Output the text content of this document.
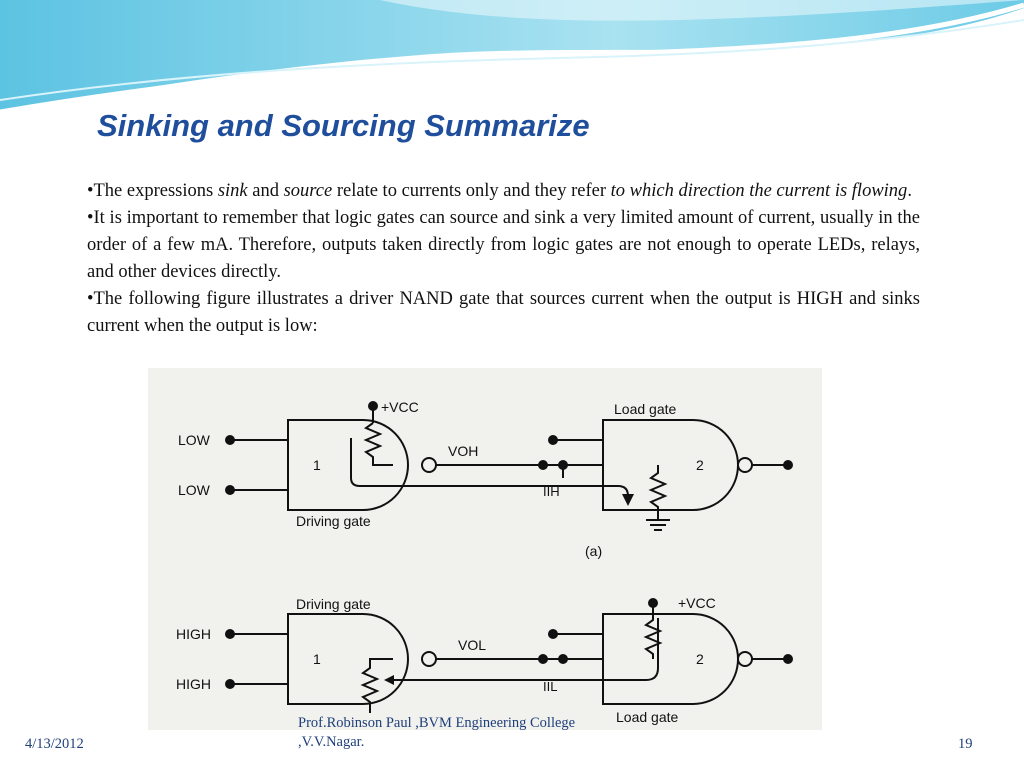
Sinking and Sourcing Summarize

•The expressions sink and source relate to currents only and they refer to which direction the current is flowing.

•It is important to remember that logic gates can source and sink a very limited amount of current, usually in the order of a few mA. Therefore, outputs taken directly from logic gates are not enough to operate LEDs, relays, and other devices directly.

•The following figure illustrates a driver NAND gate that sources current when the output is HIGH and sinks current when the output is low:

LOW
LOW
+VCC
VOH
IIH
1	2
Driving gate
Load gate
(a)
HIGH
HIGH
Driving gate	+VCC
VOL
IIL
1	2
Load gate
4/13/2012
Prof.Robinson Paul ,BVM Engineering College
,V.V.Nagar.	19
